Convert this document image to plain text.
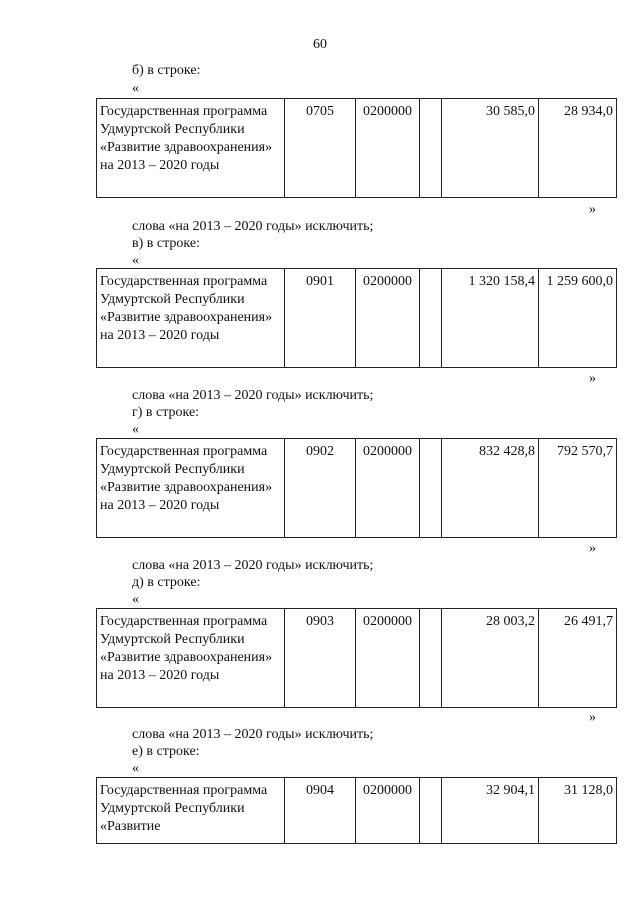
60
б) в строке:
«
Государственная программа Удмуртской Республики «Развитие здравоохранения» на 2013 – 2020 годы	0705	0200000		30 585,0	28 934,0
»
слова «на 2013 – 2020 годы» исключить;
в) в строке:
«
Государственная программа Удмуртской Республики «Развитие здравоохранения» на 2013 – 2020 годы	0901	0200000		1 320 158,4	1 259 600,0
»
слова «на 2013 – 2020 годы» исключить;
г) в строке:
«
Государственная программа Удмуртской Республики «Развитие здравоохранения» на 2013 – 2020 годы	0902	0200000		832 428,8	792 570,7
»
слова «на 2013 – 2020 годы» исключить;
д) в строке:
«
Государственная программа Удмуртской Республики «Развитие здравоохранения» на 2013 – 2020 годы	0903	0200000		28 003,2	26 491,7
»
слова «на 2013 – 2020 годы» исключить;
е) в строке:
«
Государственная программа Удмуртской Республики «Развитие	0904	0200000		32 904,1	31 128,0
